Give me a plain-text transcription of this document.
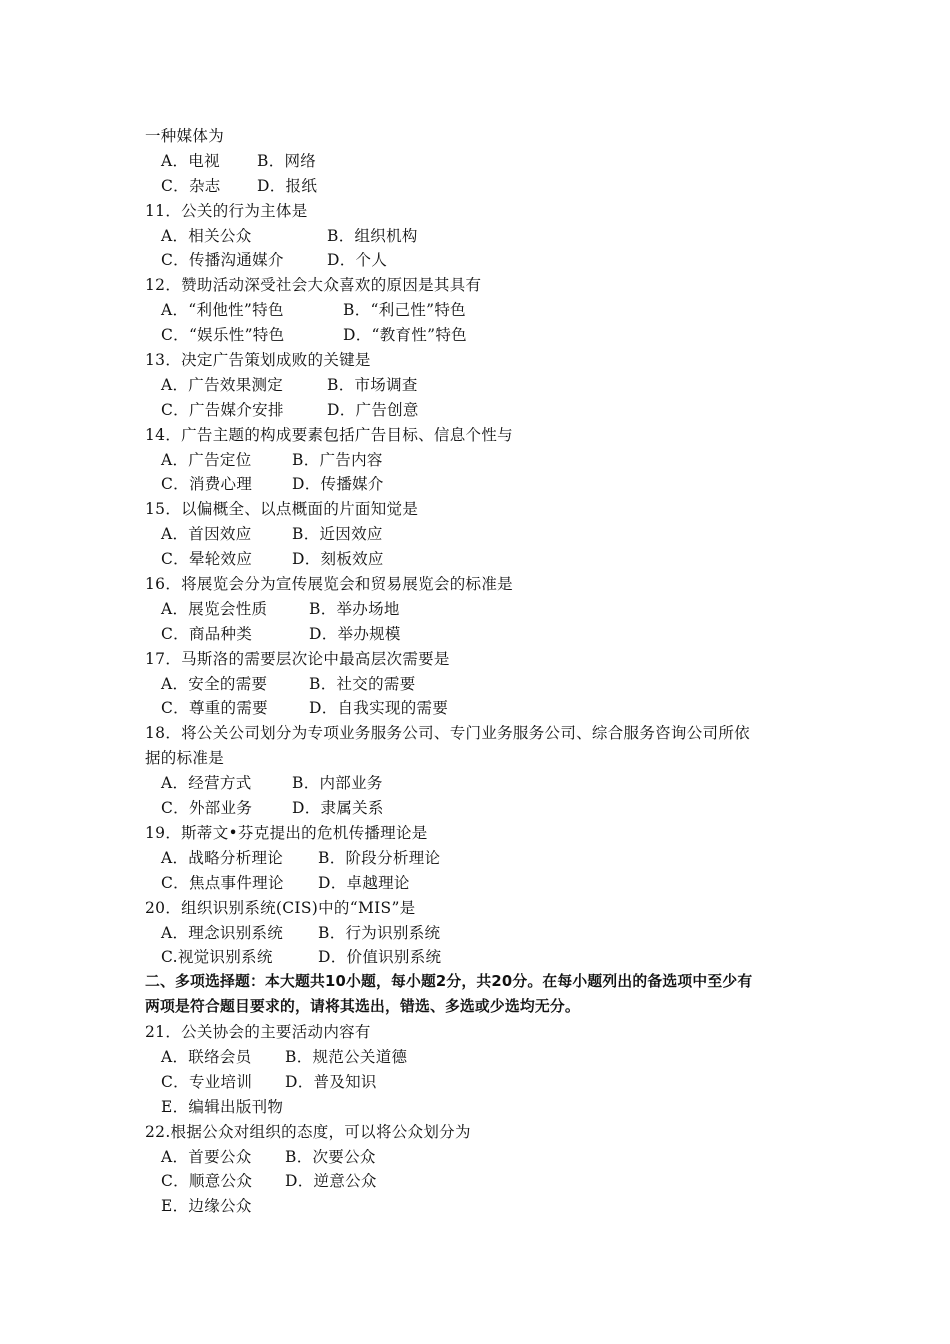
一种媒体为
A．电视 B．网络
C．杂志 D．报纸
11．公关的行为主体是
A．相关公众	B．组织机构
C．传播沟通媒介	D．个人
12．赞助活动深受社会大众喜欢的原因是其具有
A．“利他性”特色	B．“利己性”特色
C．“娱乐性”特色	D．“教育性”特色
13．决定广告策划成败的关键是
A．广告效果测定	B．市场调查
C．广告媒介安排	D．广告创意
14．广告主题的构成要素包括广告目标、信息个性与
A．广告定位	B．广告内容
C．消费心理	D．传播媒介
15．以偏概全、以点概面的片面知觉是
A．首因效应	B．近因效应
C．晕轮效应	D．刻板效应
16．将展览会分为宣传展览会和贸易展览会的标准是
A．展览会性质	B．举办场地
C．商品种类	D．举办规模
17．马斯洛的需要层次论中最高层次需要是
A．安全的需要	B．社交的需要
C．尊重的需要	D．自我实现的需要
18．将公关公司划分为专项业务服务公司、专门业务服务公司、综合服务咨询公司所依
据的标准是
A．经营方式	B．内部业务
C．外部业务	D．隶属关系
19．斯蒂文•芬克提出的危机传播理论是
A．战略分析理论 B．阶段分析理论
C．焦点事件理论 D．卓越理论
20．组织识别系统(CIS)中的“MIS”是
A．理念识别系统 B．行为识别系统
C.视觉识别系统	D．价值识别系统
二、多项选择题：本大题共10小题，每小题2分，共20分。在每小题列出的备选项中至少有
两项是符合题目要求的，请将其选出，错选、多选或少选均无分。
21．公关协会的主要活动内容有
A．联络会员 B．规范公关道德
C．专业培训 D．普及知识
E．编辑出版刊物
22.根据公众对组织的态度，可以将公众划分为
A．首要公众 B．次要公众
C．顺意公众 D．逆意公众
E．边缘公众
